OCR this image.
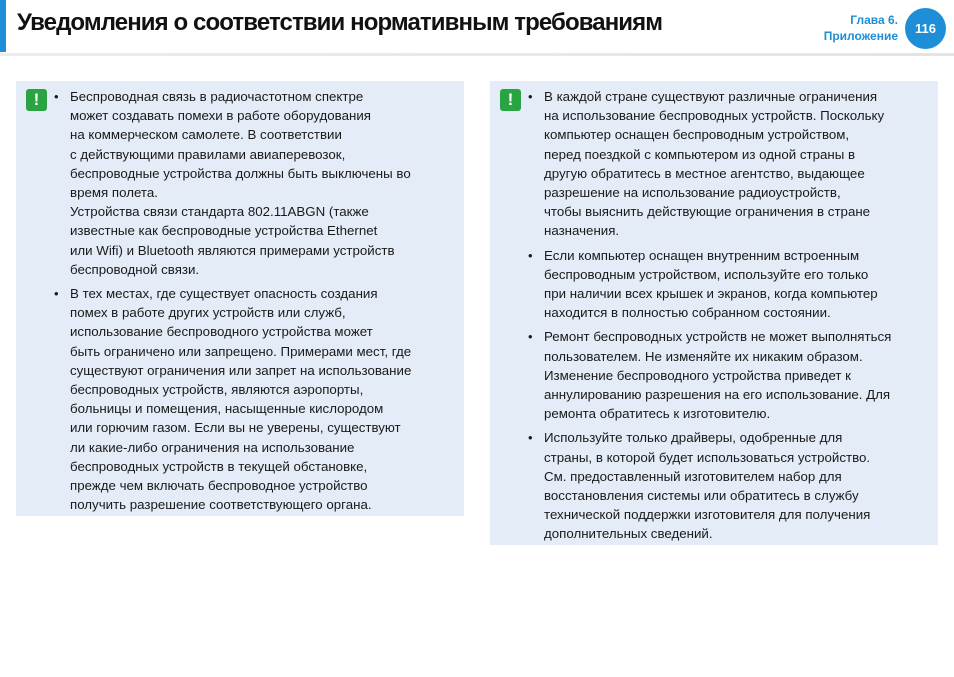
Уведомления о соответствии нормативным требованиям	Глава 6.
Приложение	116
!	• Беспроводная связь в радиочастотном спектре
может создавать помехи в работе оборудования
на коммерческом самолете. В соответствии
с действующими правилами авиаперевозок,
беспроводные устройства должны быть выключены во
время полета.
Устройства связи стандарта 802.11ABGN (также
известные как беспроводные устройства Ethernet
или Wifi) и Bluetooth являются примерами устройств
беспроводной связи.
• В тех местах, где существует опасность создания
помех в работе других устройств или служб,
использование беспроводного устройства может
быть ограничено или запрещено. Примерами мест, где
существуют ограничения или запрет на использование
беспроводных устройств, являются аэропорты,
больницы и помещения, насыщенные кислородом
или горючим газом. Если вы не уверены, существуют
ли какие-либо ограничения на использование
беспроводных устройств в текущей обстановке,
прежде чем включать беспроводное устройство
получить разрешение соответствующего органа.
!	• В каждой стране существуют различные ограничения
на использование беспроводных устройств. Поскольку
компьютер оснащен беспроводным устройством,
перед поездкой с компьютером из одной страны в
другую обратитесь в местное агентство, выдающее
разрешение на использование радиоустройств,
чтобы выяснить действующие ограничения в стране
назначения.
• Если компьютер оснащен внутренним встроенным
беспроводным устройством, используйте его только
при наличии всех крышек и экранов, когда компьютер
находится в полностью собранном состоянии.
• Ремонт беспроводных устройств не может выполняться
пользователем. Не изменяйте их никаким образом.
Изменение беспроводного устройства приведет к
аннулированию разрешения на его использование. Для
ремонта обратитесь к изготовителю.
• Используйте только драйверы, одобренные для
страны, в которой будет использоваться устройство.
См. предоставленный изготовителем набор для
восстановления системы или обратитесь в службу
технической поддержки изготовителя для получения
дополнительных сведений.
